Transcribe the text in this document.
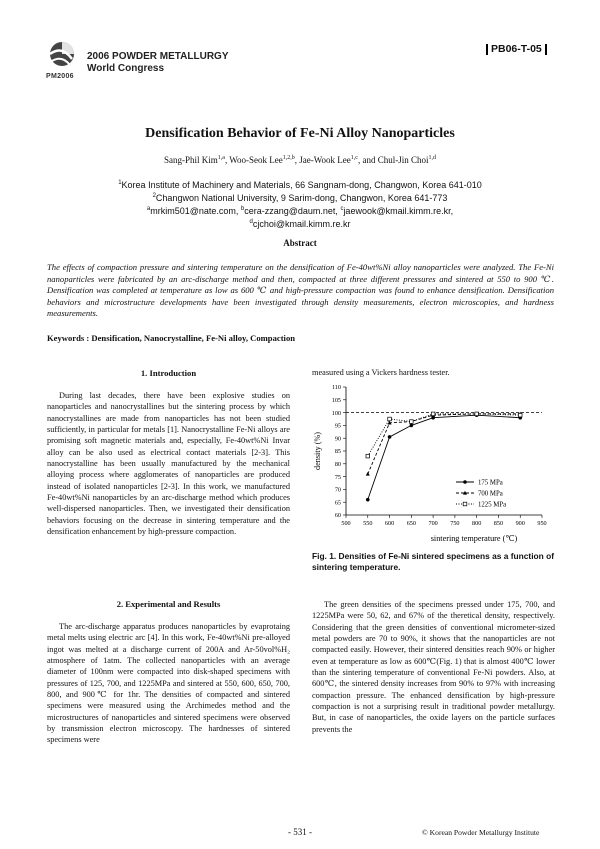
PM2006
2006 POWDER METALLURGY
World Congress
PB06-T-05
Densification Behavior of Fe-Ni Alloy Nanoparticles
Sang-Phil Kim$^{1,a}$, Woo-Seok Lee$^{1,2,b}$, Jae-Wook Lee$^{1,c}$, and Chul-Jin Choi$^{1,d}$
$^1$Korea Institute of Machinery and Materials, 66 Sangnam-dong, Changwon, Korea 641-010
$^2$Changwon National University, 9 Sarim-dong, Changwon, Korea 641-773
$^a$mrkim501@nate.com, $^b$cera-zzang@daum.net, $^c$jaewook@kmail.kimm.re.kr,
$^d$cjchoi@kmail.kimm.re.kr
Abstract
The effects of compaction pressure and sintering temperature on the densification of Fe-40wt%Ni alloy nanoparticles were analyzed. The Fe-Ni nanoparticles were fabricated by an arc-discharge method and then, compacted at three different pressures and sintered at 550 to 900 ℃. Densification was completed at temperature as low as 600 ℃ and high-pressure compaction was found to enhance densification. Densification behaviors and microstructure developments have been investigated through density measurements, electron microscopies, and hardness measurements.
Keywords : Densification, Nanocrystalline, Fe-Ni alloy, Compaction
1. Introduction
During last decades, there have been explosive studies on nanoparticles and nanocrystallines but the sintering process by which nanocrystallines are made from nanoparticles has not been studied sufficiently, in particular for metals [1]. Nanocrystalline Fe-Ni alloys are promising soft magnetic materials and, especially, Fe-40wt%Ni Invar alloy can be also used as electrical contact materials [2-3]. This nanocrystalline has been usually manufactured by the mechanical alloying process where agglomerates of nanoparticles are produced instead of isolated nanoparticles [2-3]. In this work, we manufactured Fe-40wt%Ni nanoparticles by an arc-discharge method which produces well-dispersed nanoparticles. Then, we investigated their densification behaviors focusing on the decrease in sintering temperature and the densification enhancement by high-pressure compaction.
2. Experimental and Results
The arc-discharge apparatus produces nanoparticles by evaprotaing metal melts using electric arc [4]. In this work, Fe-40wt%Ni pre-alloyed ingot was melted at a discharge current of 200A and Ar-50vol%H₂ atmosphere of 1atm. The collected nanoparticles with an average diameter of 100nm were compacted into disk-shaped specimens with pressures of 125, 700, and 1225MPa and sintered at 550, 600, 650, 700, 800, and 900℃ for 1hr. The densities of compacted and sintered specimens were measured using the Archimedes method and the microstructures of nanoparticles and sintered specimens were observed by transmission electron microscopy. The hardnesses of sintered specimens were
measured using a Vickers hardness tester.
60
65
70
75
80
85
90
95
100
105
110
500 550 600 650 700 750 800 850 900 950
sintering temperature (℃)
density (%)
175 MPa
700 MPa
1225 MPa
Fig. 1. Densities of Fe-Ni sintered specimens as a function of sintering temperature.
The green densities of the specimens pressed under 175, 700, and 1225MPa were 50, 62, and 67% of the theretical density, respectively. Considering that the green densities of conventional micrometer-sized metal powders are 70 to 90%, it shows that the nanoparticles are not compacted easily. However, their sintered densities reach 90% or higher even at temperature as low as 600℃(Fig. 1) that is almost 400℃ lower than the sintering temperature of conventional Fe-Ni powders. Also, at 600℃, the sintered density increases from 90% to 97% with increasing compaction pressure. The enhanced densification by high-pressure compaction is not a surprising result in traditional powder metallurgy. But, in case of nanoparticles, the oxide layers on the particle surfaces prevents the
- 531 -	© Korean Powder Metallurgy Institute
